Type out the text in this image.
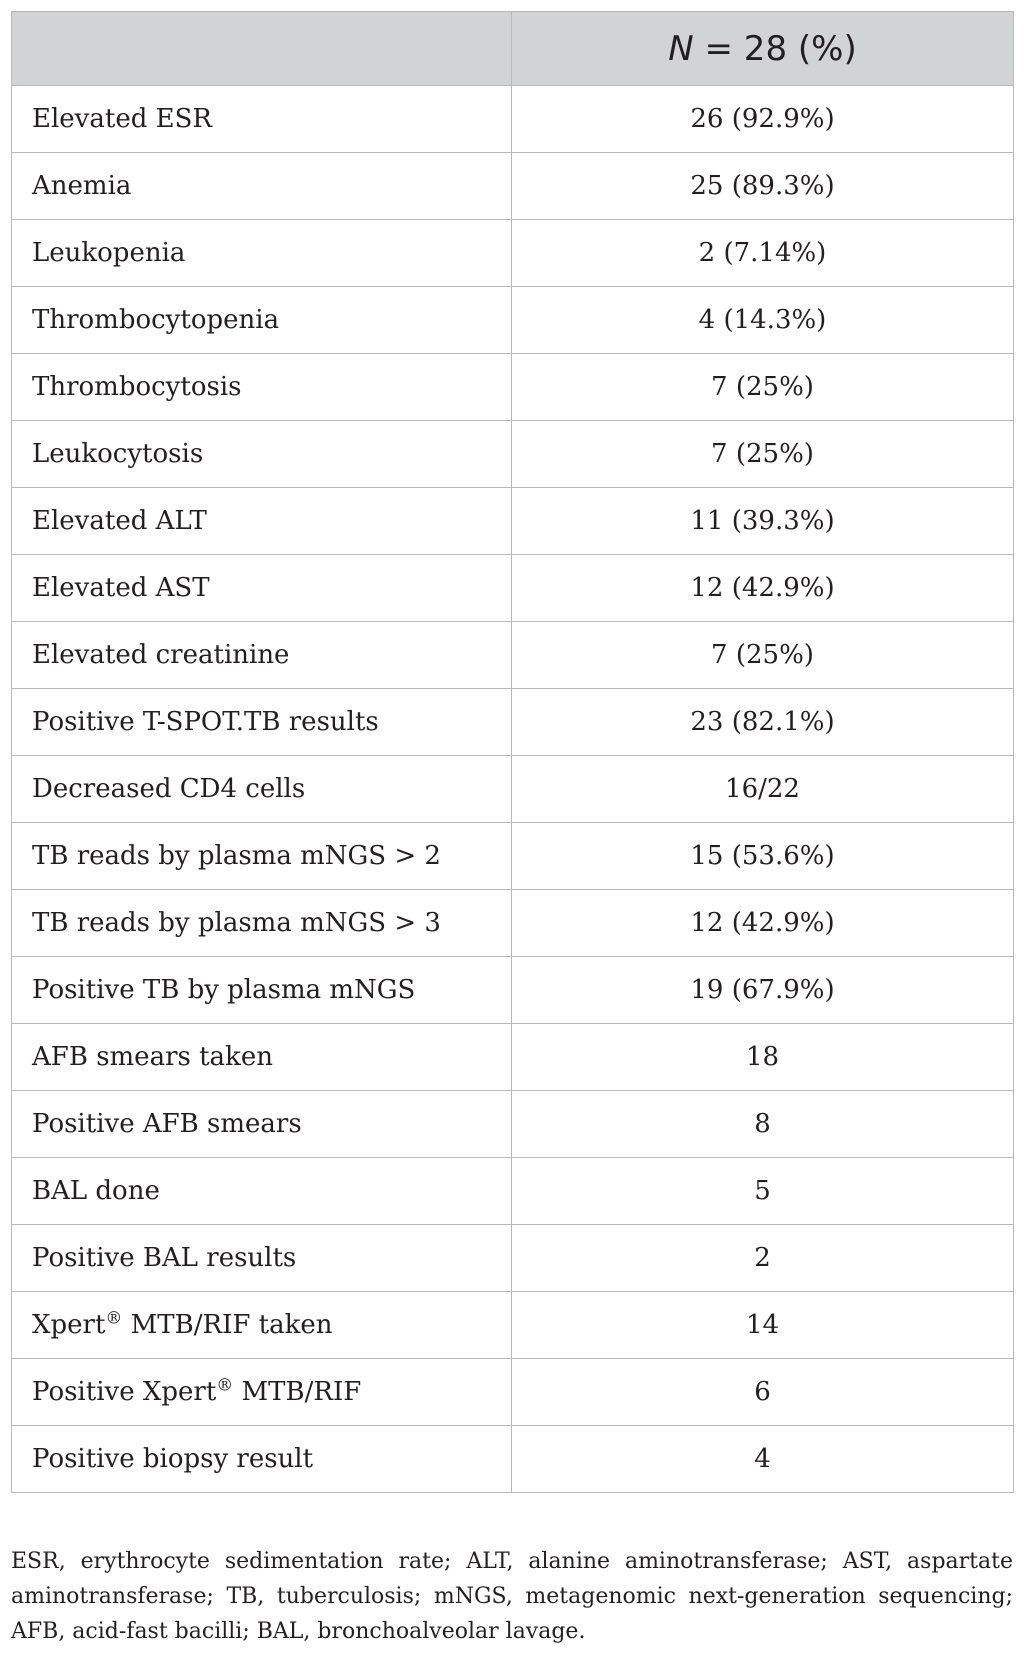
	N = 28 (%)
Elevated ESR	26 (92.9%)
Anemia	25 (89.3%)
Leukopenia	2 (7.14%)
Thrombocytopenia	4 (14.3%)
Thrombocytosis	7 (25%)
Leukocytosis	7 (25%)
Elevated ALT	11 (39.3%)
Elevated AST	12 (42.9%)
Elevated creatinine	7 (25%)
Positive T-SPOT.TB results	23 (82.1%)
Decreased CD4 cells	16/22
TB reads by plasma mNGS > 2	15 (53.6%)
TB reads by plasma mNGS > 3	12 (42.9%)
Positive TB by plasma mNGS	19 (67.9%)
AFB smears taken	18
Positive AFB smears	8
BAL done	5
Positive BAL results	2
Xpert® MTB/RIF taken	14
Positive Xpert® MTB/RIF	6
Positive biopsy result	4
ESR, erythrocyte sedimentation rate; ALT, alanine aminotransferase; AST, aspartate aminotransferase; TB, tuberculosis; mNGS, metagenomic next-generation sequencing; AFB, acid-fast bacilli; BAL, bronchoalveolar lavage.
